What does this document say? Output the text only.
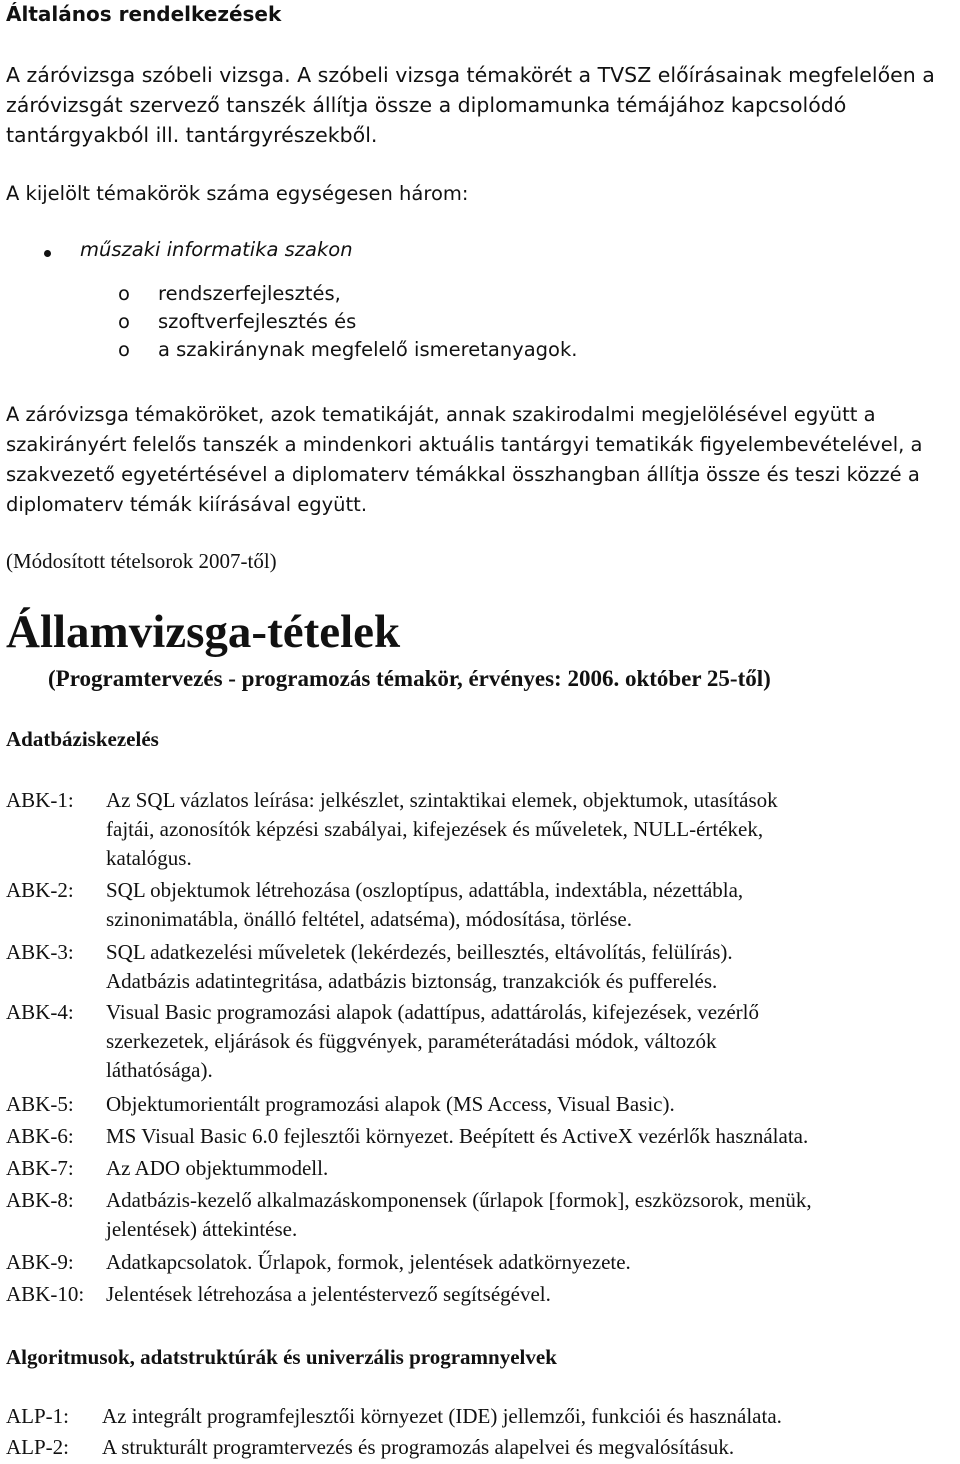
Általános rendelkezések
A záróvizsga szóbeli vizsga. A szóbeli vizsga témakörét a TVSZ előírásainak megfelelően a
záróvizsgát szervező tanszék állítja össze a diplomamunka témájához kapcsolódó
tantárgyakból ill. tantárgyrészekből.
A kijelölt témakörök száma egységesen három:
műszaki informatika szakon
o rendszerfejlesztés,
o szoftverfejlesztés és
o a szakiránynak megfelelő ismeretanyagok.
A záróvizsga témaköröket, azok tematikáját, annak szakirodalmi megjelölésével együtt a
szakirányért felelős tanszék a mindenkori aktuális tantárgyi tematikák figyelembevételével, a
szakvezető egyetértésével a diplomaterv témákkal összhangban állítja össze és teszi közzé a
diplomaterv témák kiírásával együtt.
(Módosított tételsorok 2007-től)
Államvizsga-tételek
(Programtervezés - programozás témakör, érvényes: 2006. október 25-től)
Adatbáziskezelés
ABK-1: Az SQL vázlatos leírása: jelkészlet, szintaktikai elemek, objektumok, utasítások
fajtái, azonosítók képzési szabályai, kifejezések és műveletek, NULL-értékek,
katalógus.
ABK-2: SQL objektumok létrehozása (oszloptípus, adattábla, indextábla, nézettábla,
szinonimatábla, önálló feltétel, adatséma), módosítása, törlése.
ABK-3: SQL adatkezelési műveletek (lekérdezés, beillesztés, eltávolítás, felülírás).
Adatbázis adatintegritása, adatbázis biztonság, tranzakciók és pufferelés.
ABK-4: Visual Basic programozási alapok (adattípus, adattárolás, kifejezések, vezérlő
szerkezetek, eljárások és függvények, paraméterátadási módok, változók
láthatósága).
ABK-5: Objektumorientált programozási alapok (MS Access, Visual Basic).
ABK-6: MS Visual Basic 6.0 fejlesztői környezet. Beépített és ActiveX vezérlők használata.
ABK-7: Az ADO objektummodell.
ABK-8: Adatbázis-kezelő alkalmazáskomponensek (űrlapok [formok], eszközsorok, menük,
jelentések) áttekintése.
ABK-9: Adatkapcsolatok. Űrlapok, formok, jelentések adatkörnyezete.
ABK-10: Jelentések létrehozása a jelentéstervező segítségével.
Algoritmusok, adatstruktúrák és univerzális programnyelvek
ALP-1: Az integrált programfejlesztői környezet (IDE) jellemzői, funkciói és használata.
ALP-2: A strukturált programtervezés és programozás alapelvei és megvalósításuk.
